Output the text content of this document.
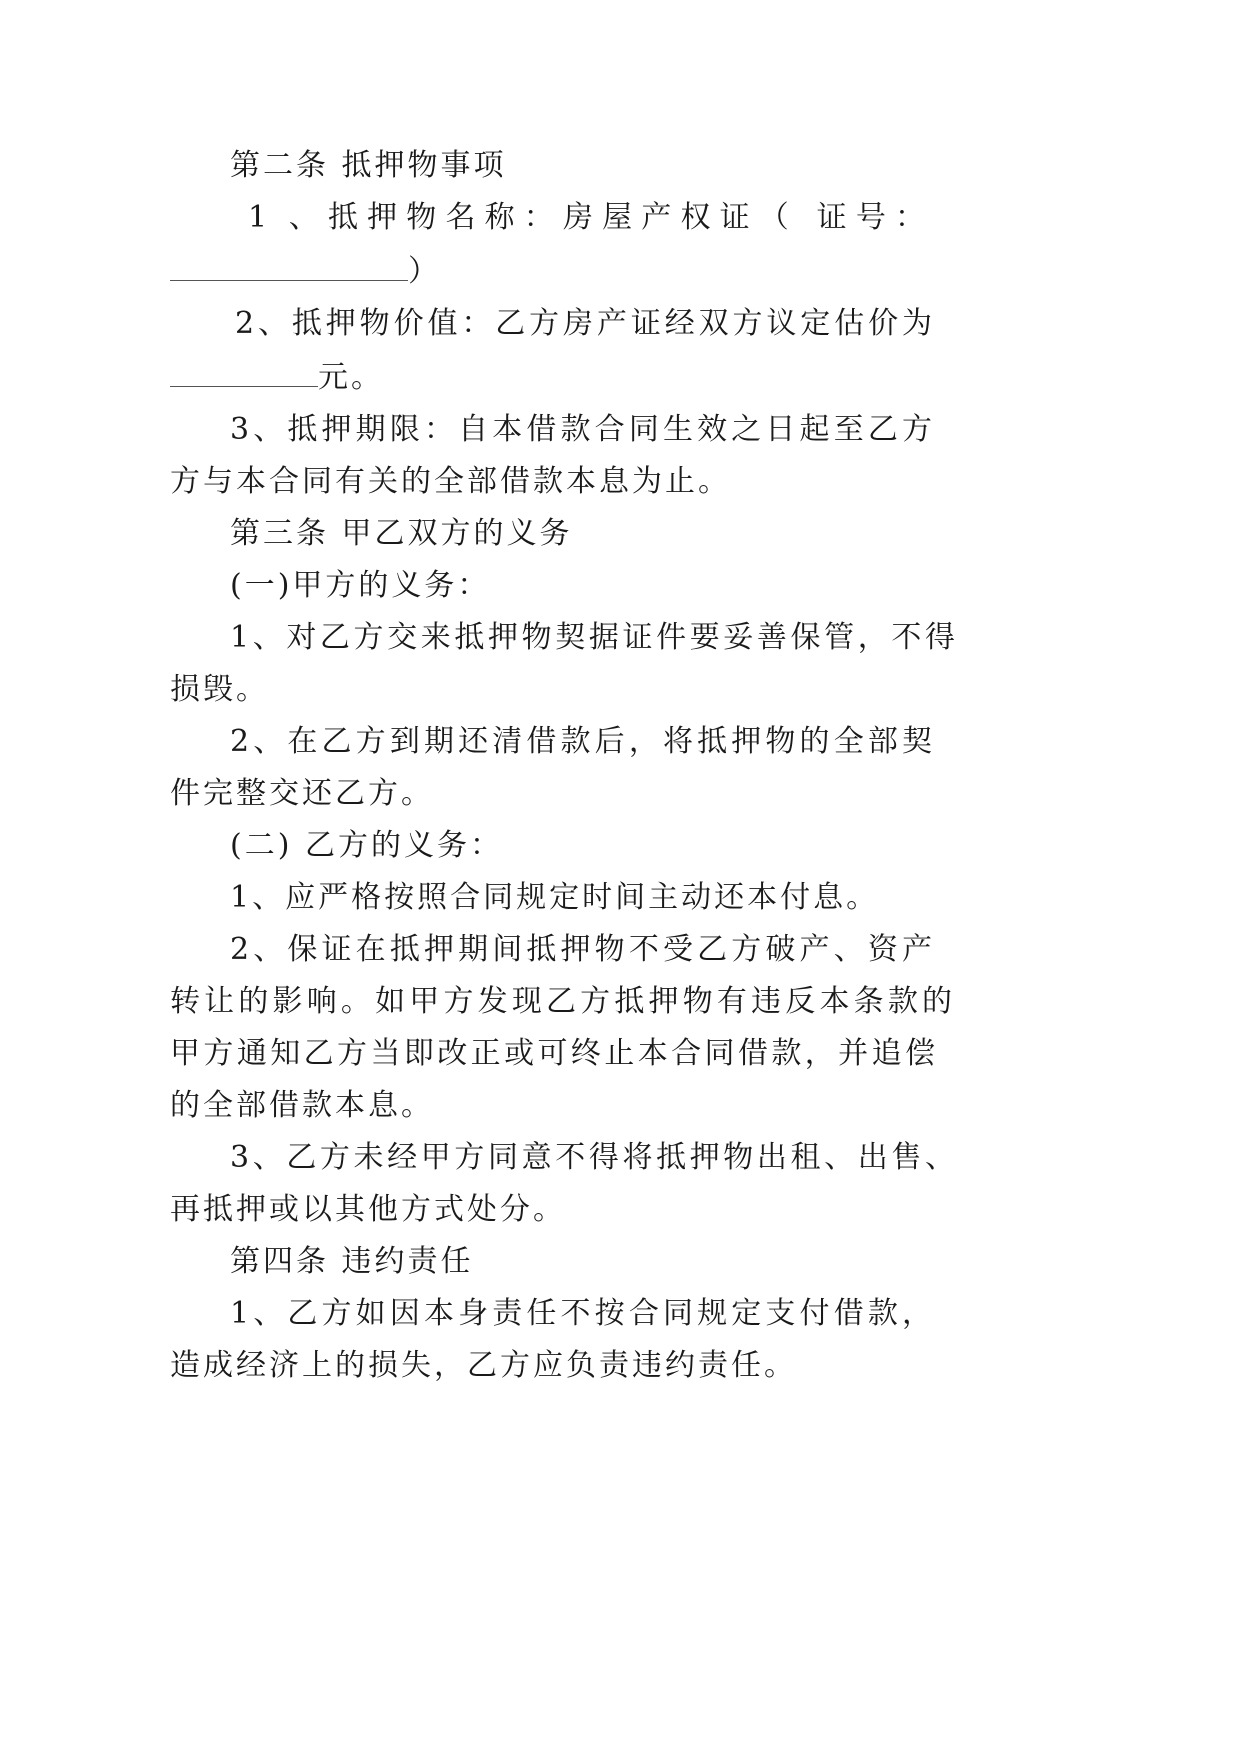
第二条 抵押物事项
1 、抵押物名称：房屋产权证（ 证号：
）
2、抵押物价值：乙方房产证经双方议定估价为
元。
3、抵押期限：自本借款合同生效之日起至乙方
方与本合同有关的全部借款本息为止。
第三条 甲乙双方的义务
(一)甲方的义务：
1、对乙方交来抵押物契据证件要妥善保管，不得
损毁。
2、在乙方到期还清借款后，将抵押物的全部契
件完整交还乙方。
(二) 乙方的义务：
1、应严格按照合同规定时间主动还本付息。
2、保证在抵押期间抵押物不受乙方破产、资产
转让的影响。如甲方发现乙方抵押物有违反本条款的
甲方通知乙方当即改正或可终止本合同借款，并追偿
的全部借款本息。
3、乙方未经甲方同意不得将抵押物出租、出售、
再抵押或以其他方式处分。
第四条 违约责任
1、乙方如因本身责任不按合同规定支付借款，
造成经济上的损失，乙方应负责违约责任。
